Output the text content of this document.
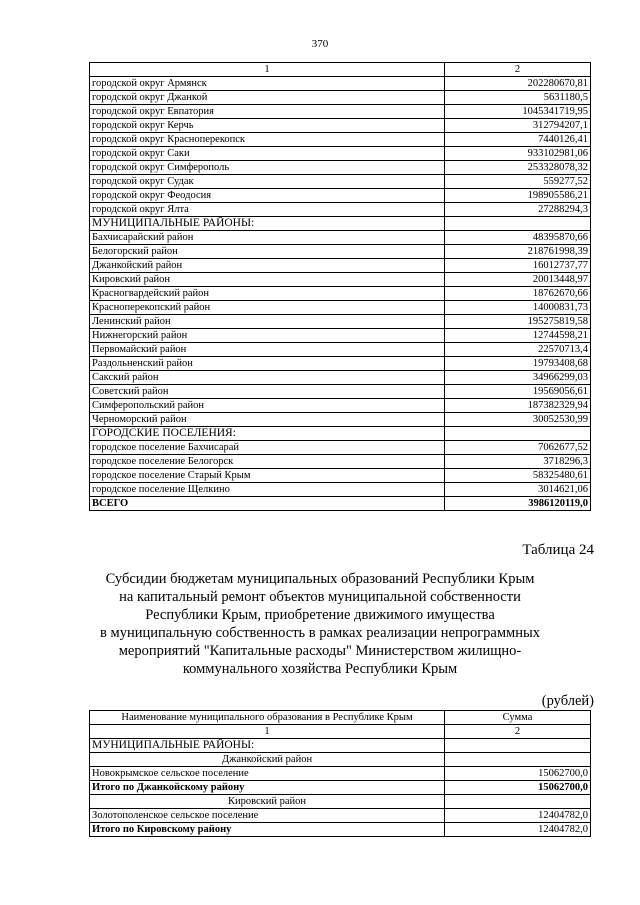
370
1	2
городской округ Армянск	202280670,81
городской округ Джанкой	5631180,5
городской округ Евпатория	1045341719,95
городской округ Керчь	312794207,1
городской округ Красноперекопск	7440126,41
городской округ Саки	933102981,06
городской округ Симферополь	253328078,32
городской округ Судак	559277,52
городской округ Феодосия	198905586,21
городской округ Ялта	27288294,3
МУНИЦИПАЛЬНЫЕ РАЙОНЫ:	
Бахчисарайский район	48395870,66
Белогорский район	218761998,39
Джанкойский район	16012737,77
Кировский район	20013448,97
Красногвардейский район	18762670,66
Красноперекопский район	14000831,73
Ленинский район	195275819,58
Нижнегорский район	12744598,21
Первомайский район	22570713,4
Раздольненский район	19793408,68
Сакский район	34966299,03
Советский район	19569056,61
Симферопольский район	187382329,94
Черноморский район	30052530,99
ГОРОДСКИЕ ПОСЕЛЕНИЯ:	
городское поселение Бахчисарай	7062677,52
городское поселение Белогорск	3718296,3
городское поселение Старый Крым	58325480,61
городское поселение Щелкино	3014621,06
ВСЕГО	3986120119,0
Таблица 24
Субсидии бюджетам муниципальных образований Республики Крым
на капитальный ремонт объектов муниципальной собственности
Республики Крым, приобретение движимого имущества
в муниципальную собственность в рамках реализации непрограммных
мероприятий "Капитальные расходы" Министерством жилищно-
коммунального хозяйства Республики Крым
(рублей)
Наименование муниципального образования в Республике Крым	Сумма
1	2
МУНИЦИПАЛЬНЫЕ РАЙОНЫ:	
Джанкойский район	
Новокрымское сельское поселение	15062700,0
Итого по Джанкойскому району	15062700,0
Кировский район	
Золотополенское сельское поселение	12404782,0
Итого по Кировскому району	12404782,0
